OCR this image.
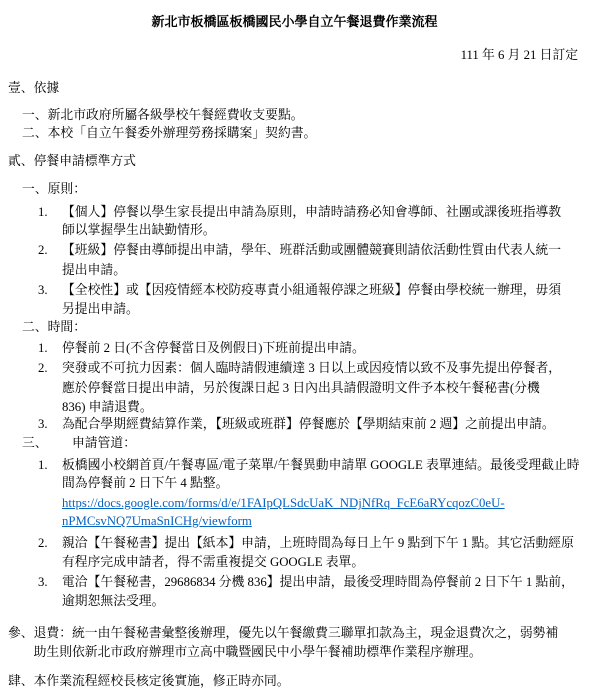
新北市板橋區板橋國民小學自立午餐退費作業流程
111 年 6 月 21 日訂定
壹、依據
一、新北市政府所屬各級學校午餐經費收支要點。
二、本校「自立午餐委外辦理勞務採購案」契約書。
貳、停餐申請標準方式
一、原則：
1. 【個人】停餐以學生家長提出申請為原則，申請時請務必知會導師、社團或課後班指導教
師以掌握學生出缺勤情形。
2. 【班級】停餐由導師提出申請，學年、班群活動或團體競賽則請依活動性質由代表人統一
提出申請。
3. 【全校性】或【因疫情經本校防疫專責小組通報停課之班級】停餐由學校統一辦理，毋須
另提出申請。
二、時間：
1. 停餐前 2 日(不含停餐當日及例假日)下班前提出申請。
2. 突發或不可抗力因素：個人臨時請假連續達 3 日以上或因疫情以致不及事先提出停餐者，
應於停餐當日提出申請，另於復課日起 3 日內出具請假證明文件予本校午餐秘書(分機
836) 申請退費。
3. 為配合學期經費結算作業，【班級或班群】停餐應於【學期結束前 2 週】之前提出申請。
三、 申請管道：
1. 板橋國小校網首頁/午餐專區/電子菜單/午餐異動申請單 GOOGLE 表單連結。最後受理截止時
間為停餐前 2 日下午 4 點整。
https://docs.google.com/forms/d/e/1FAIpQLSdcUaK_NDjNfRq_FcE6aRYcqozC0eU-
nPMCsvNQ7UmaSnICHg/viewform
2. 親洽【午餐秘書】提出【紙本】申請，上班時間為每日上午 9 點到下午 1 點。其它活動經原
有程序完成申請者，得不需重複提交 GOOGLE 表單。
3. 電洽【午餐秘書，29686834 分機 836】提出申請，最後受理時間為停餐前 2 日下午 1 點前，
逾期恕無法受理。
參、退費：統一由午餐秘書彙整後辦理，優先以午餐繳費三聯單扣款為主，現金退費次之，弱勢補
助生則依新北市政府辦理市立高中職暨國民中小學午餐補助標準作業程序辦理。
肆、本作業流程經校長核定後實施，修正時亦同。
